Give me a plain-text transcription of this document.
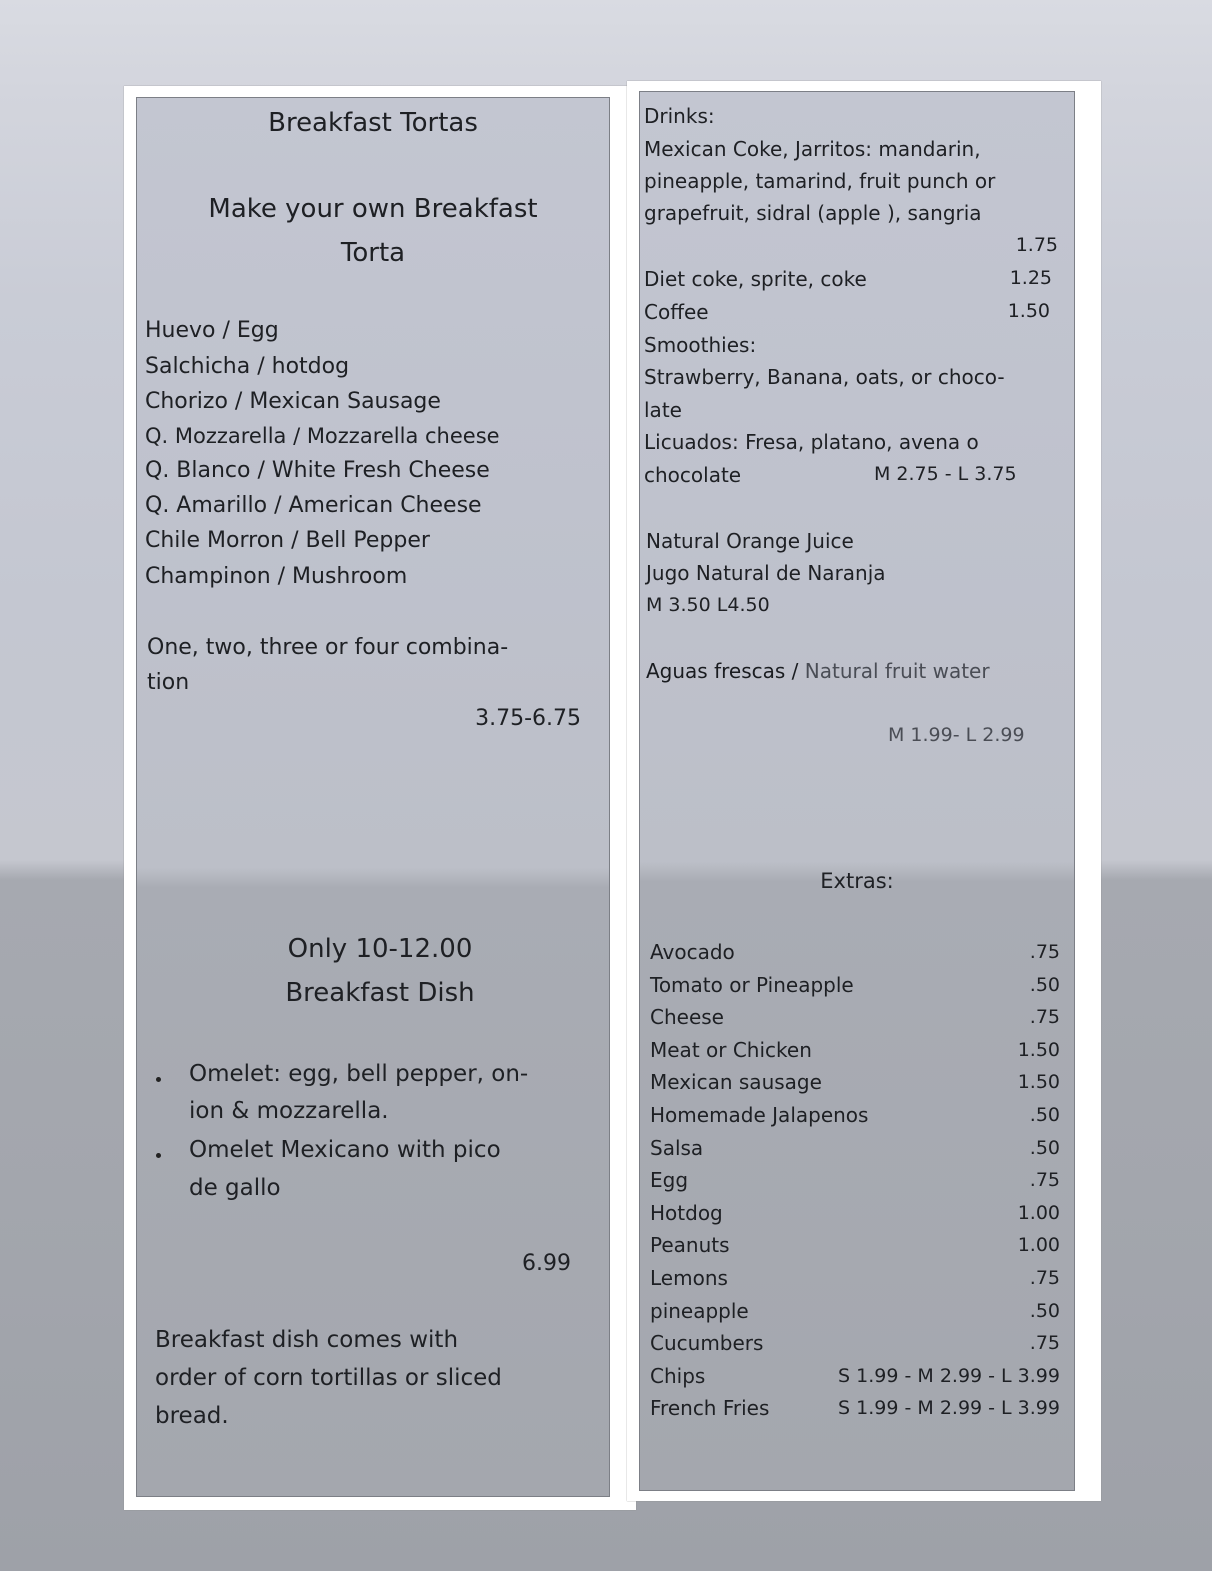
Breakfast Tortas
Make your own Breakfast
Torta
Huevo / Egg
Salchicha / hotdog
Chorizo / Mexican Sausage
Q. Mozzarella / Mozzarella cheese
Q. Blanco / White Fresh Cheese
Q. Amarillo / American Cheese
Chile Morron / Bell Pepper
Champinon / Mushroom
One, two, three or four combina-
tion
3.75-6.75
Only 10-12.00
Breakfast Dish
Omelet: egg, bell pepper, on-
ion & mozzarella.
Omelet Mexicano with pico
de gallo
6.99
Breakfast dish comes with
order of corn tortillas or sliced
bread.
Drinks:
Mexican Coke, Jarritos: mandarin,
pineapple, tamarind, fruit punch or
grapefruit, sidral (apple ), sangria
1.75
Diet coke, sprite, coke	1.25
Coffee	1.50
Smoothies:
Strawberry, Banana, oats, or choco-
late
Licuados: Fresa, platano, avena o
chocolate	M 2.75 - L 3.75
Natural Orange Juice
Jugo Natural de Naranja
M 3.50 L4.50
Aguas frescas / Natural fruit water
M 1.99- L 2.99
Extras:
Avocado	.75
Tomato or Pineapple	.50
Cheese	.75
Meat or Chicken	1.50
Mexican sausage	1.50
Homemade Jalapenos	.50
Salsa	.50
Egg	.75
Hotdog	1.00
Peanuts	1.00
Lemons	.75
pineapple	.50
Cucumbers	.75
Chips	S 1.99 - M 2.99 - L 3.99
French Fries	S 1.99 - M 2.99 - L 3.99
